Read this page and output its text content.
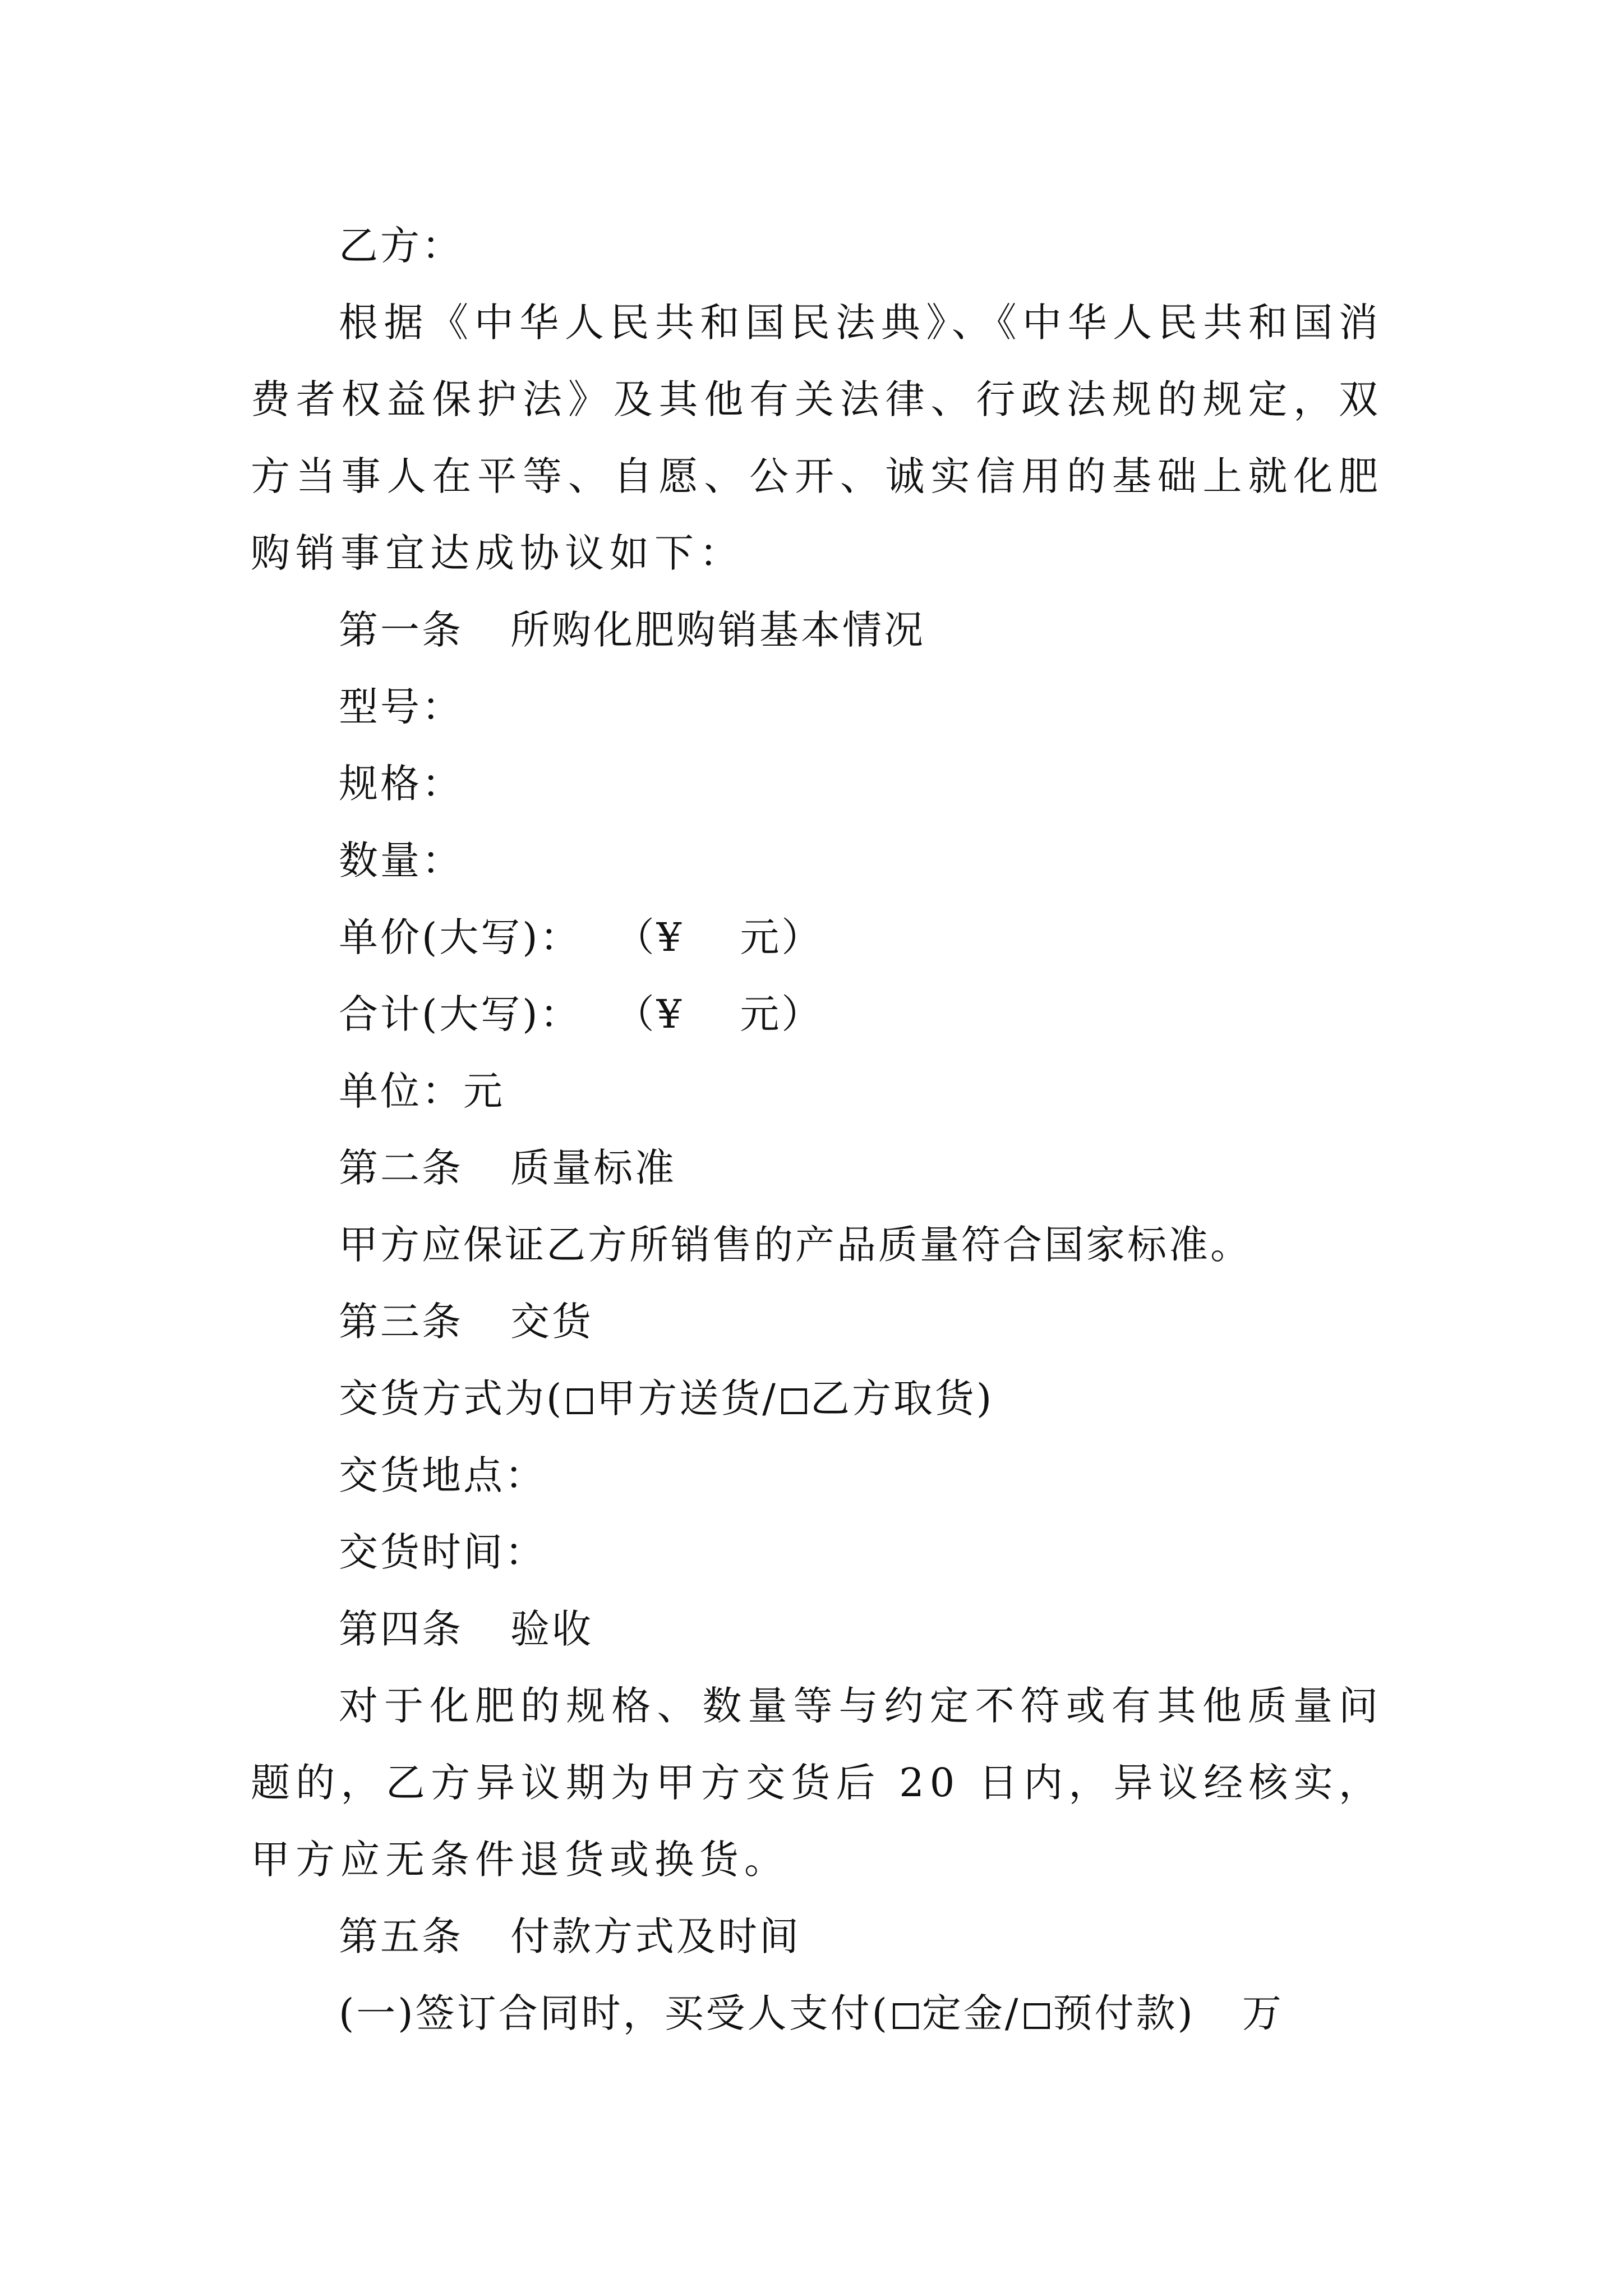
乙方：
根据《中华人民共和国民法典》、《中华人民共和国消费者权益保护法》及其他有关法律、行政法规的规定，双方当事人在平等、自愿、公开、诚实信用的基础上就化肥购销事宜达成协议如下：
第一条 所购化肥购销基本情况
型号：
规格：
数量：
单价(大写)： （¥　 元）
合计(大写)： （¥　 元）
单位：元
第二条 质量标准
甲方应保证乙方所销售的产品质量符合国家标准。
第三条 交货
交货方式为( 甲方送货/ 乙方取货)
交货地点：
交货时间：
第四条 验收
对于化肥的规格、数量等与约定不符或有其他质量问题的，乙方异议期为甲方交货后 20 日内，异议经核实，甲方应无条件退货或换货。
第五条 付款方式及时间
(一)签订合同时，买受人支付( 定金/ 预付款) 万
